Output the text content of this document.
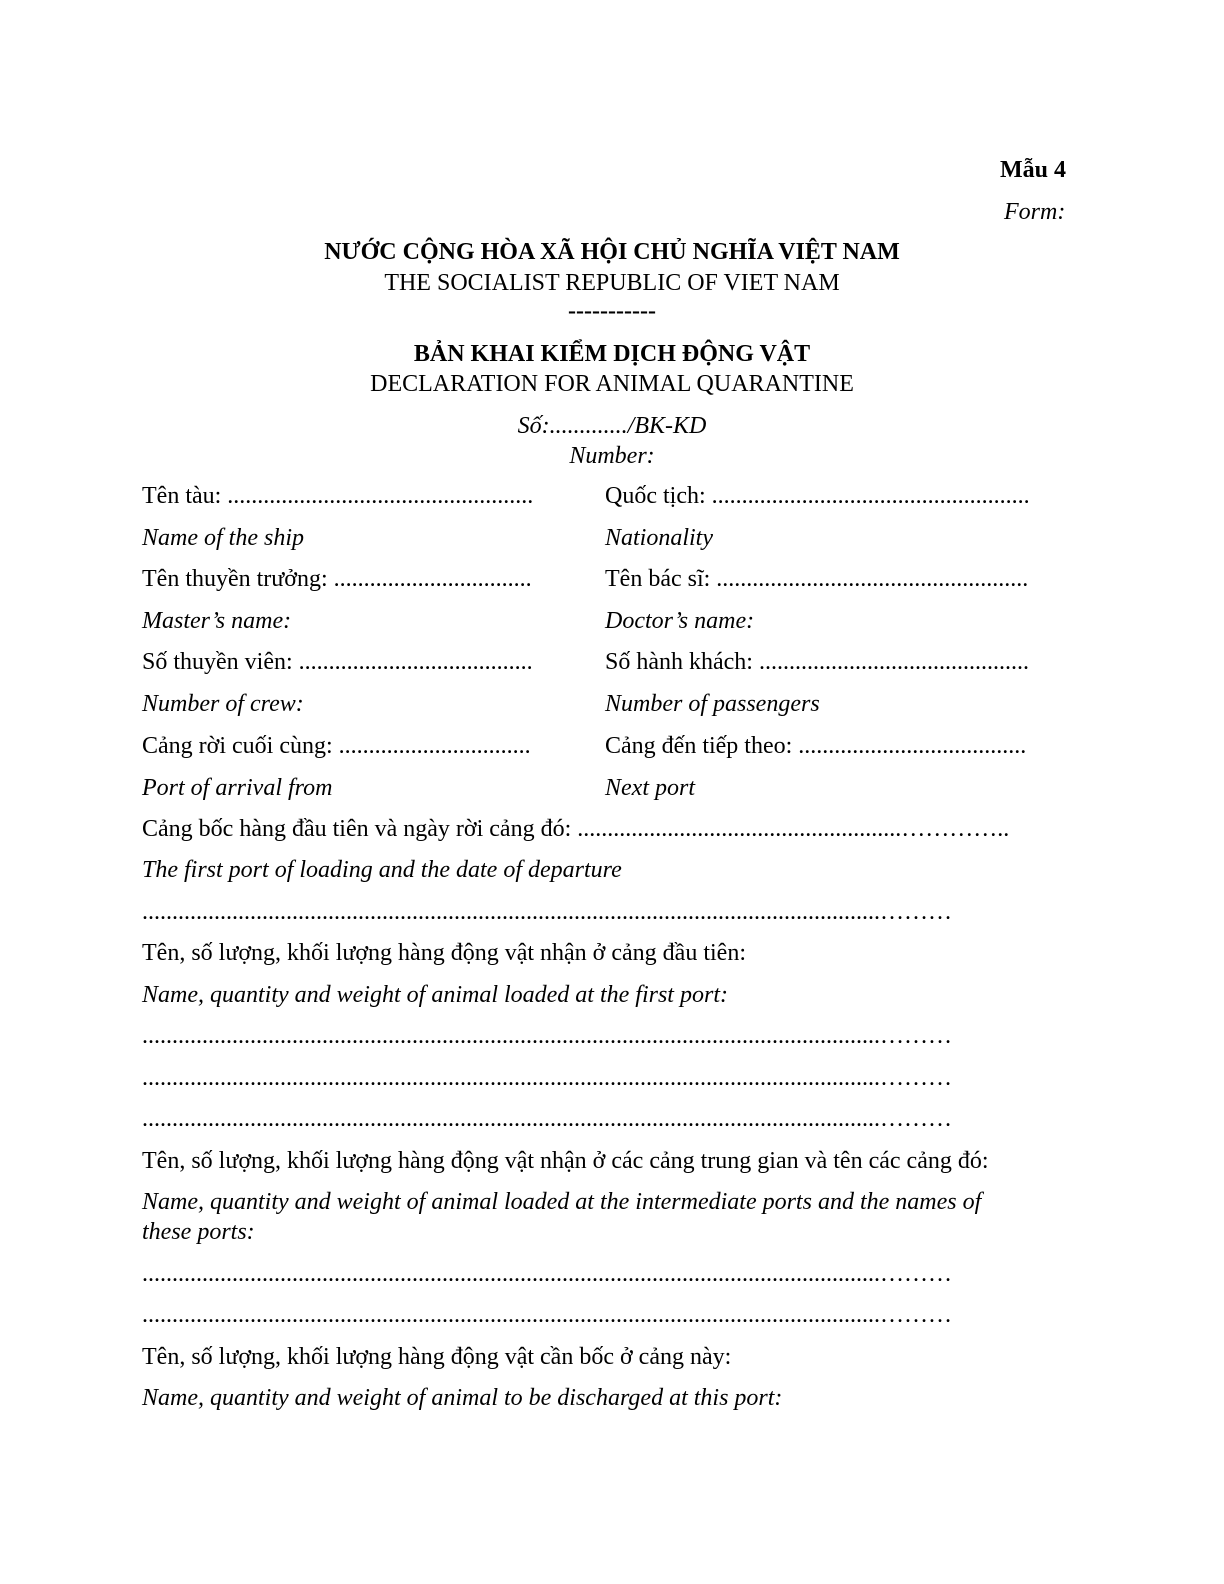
Mẫu 4
Form:
NƯỚC CỘNG HÒA XÃ HỘI CHỦ NGHĨA VIỆT NAM
THE SOCIALIST REPUBLIC OF VIET NAM
-----------
BẢN KHAI KIỂM DỊCH ĐỘNG VẬT
DECLARATION FOR ANIMAL QUARANTINE
Số:............./BK-KD
Number:
Tên tàu: ...................................................
Name of the ship
Quốc tịch: .....................................................
Nationality
Tên thuyền trưởng: .................................
Master’s name:
Tên bác sĩ: ....................................................
Doctor’s name:
Số thuyền viên: .......................................
Number of crew:
Số hành khách: .............................................
Number of passengers
Cảng rời cuối cùng: ................................
Port of arrival from
Cảng đến tiếp theo: ......................................
Next port
Cảng bốc hàng đầu tiên và ngày rời cảng đó: ......................................................…………..
The first port of loading and the date of departure
...........................................................................................................................………
Tên, số lượng, khối lượng hàng động vật nhận ở cảng đầu tiên:
Name, quantity and weight of animal loaded at the first port:
...........................................................................................................................………
...........................................................................................................................………
...........................................................................................................................………
Tên, số lượng, khối lượng hàng động vật nhận ở các cảng trung gian và tên các cảng đó:
Name, quantity and weight of animal loaded at the intermediate ports and the names of
these ports:
...........................................................................................................................………
...........................................................................................................................………
Tên, số lượng, khối lượng hàng động vật cần bốc ở cảng này:
Name, quantity and weight of animal to be discharged at this port:
